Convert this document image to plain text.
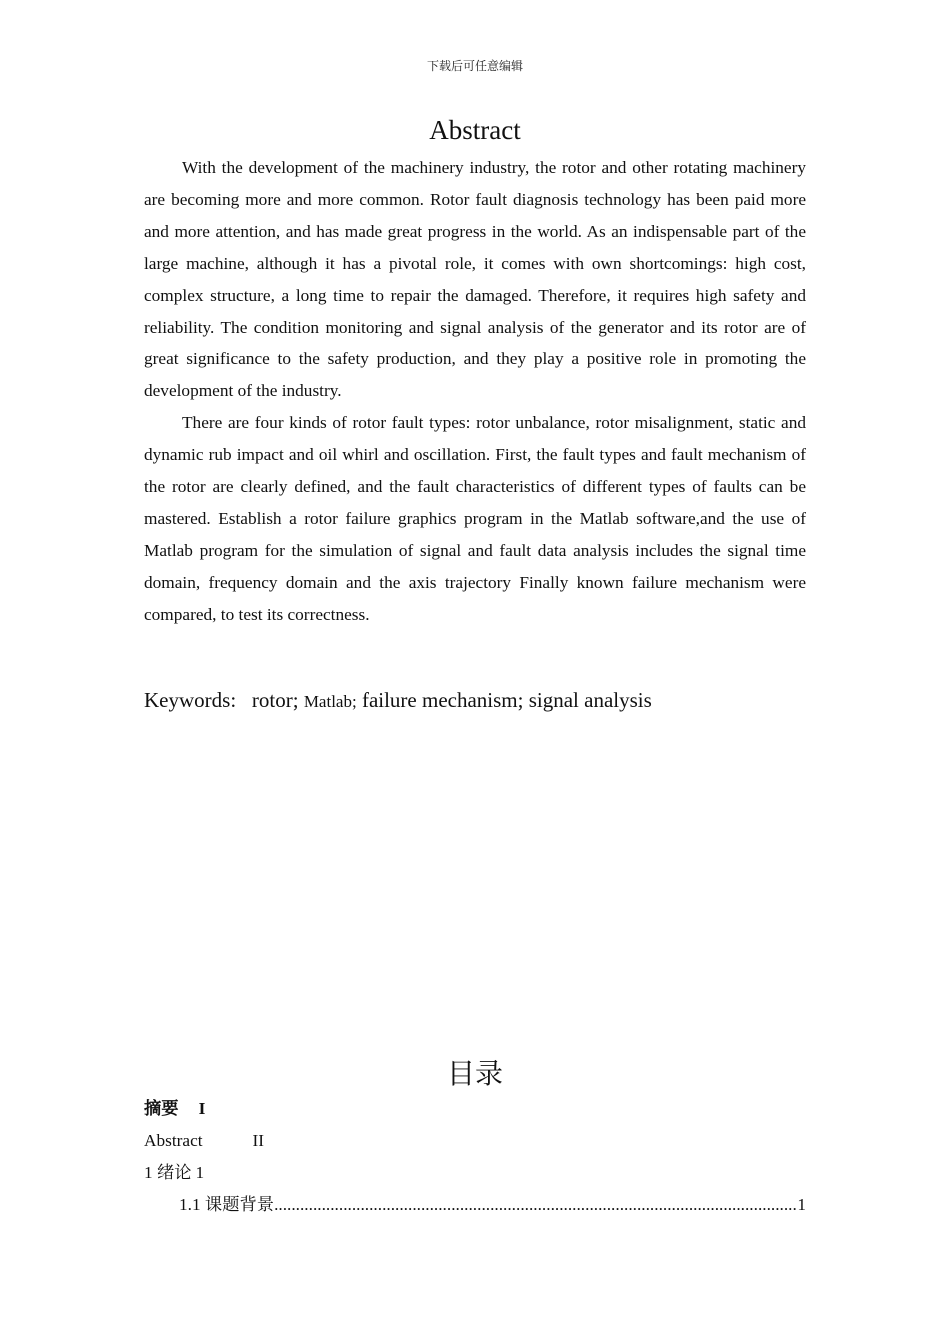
下载后可任意编辑
Abstract

With the development of the machinery industry, the rotor and other rotating machinery are becoming more and more common. Rotor fault diagnosis technology has been paid more and more attention, and has made great progress in the world. As an indispensable part of the large machine, although it has a pivotal role, it comes with own shortcomings: high cost, complex structure, a long time to repair the damaged. Therefore, it requires high safety and reliability. The condition monitoring and signal analysis of the generator and its rotor are of great significance to the safety production, and they play a positive role in promoting the development of the industry.

There are four kinds of rotor fault types: rotor unbalance, rotor misalignment, static and dynamic rub impact and oil whirl and oscillation. First, the fault types and fault mechanism of the rotor are clearly defined, and the fault characteristics of different types of faults can be mastered. Establish a rotor failure graphics program in the Matlab software,and the use of Matlab program for the simulation of signal and fault data analysis includes the signal time domain, frequency domain and the axis trajectory Finally known failure mechanism were compared, to test its correctness.

Keywords: rotor; Matlab; failure mechanism; signal analysis
目录
摘要 I
Abstract	II
1 绪论 1
1.1 课题背景
.....	1
